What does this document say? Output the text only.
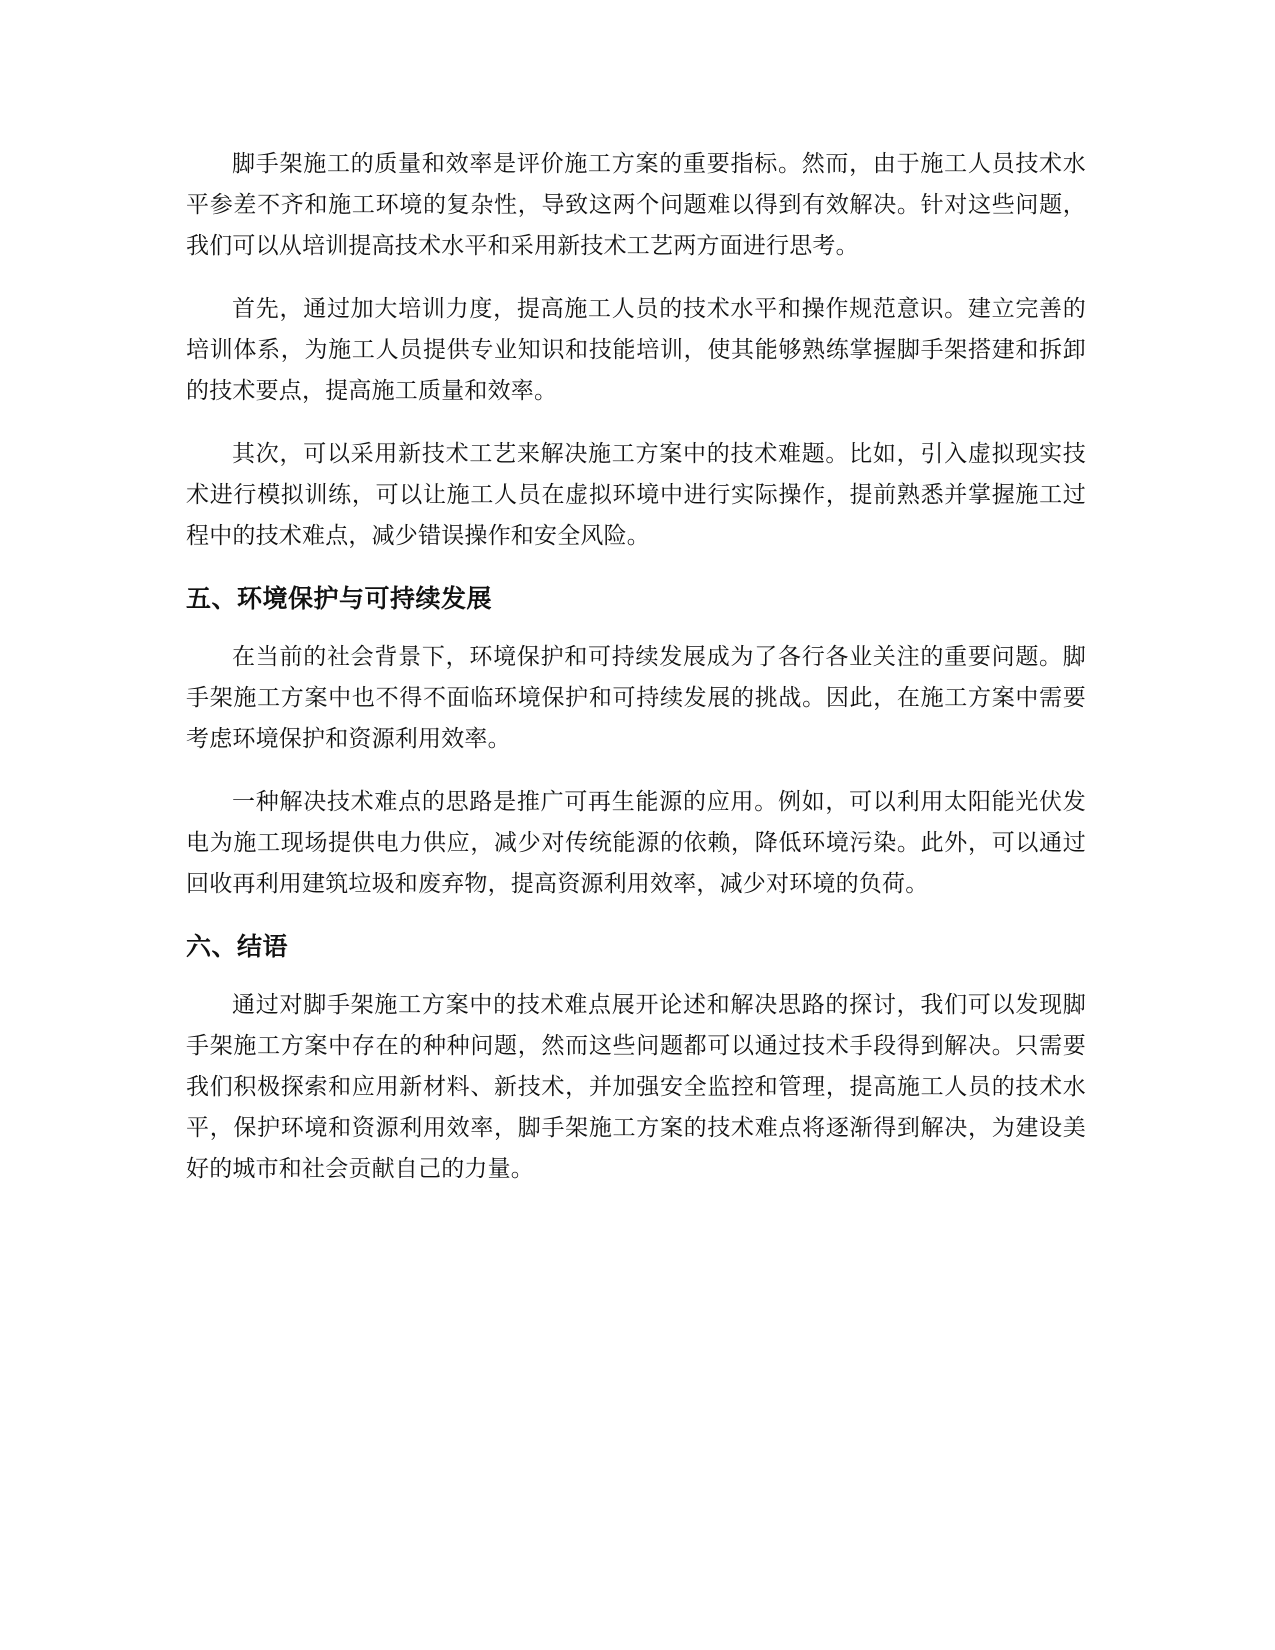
脚手架施工的质量和效率是评价施工方案的重要指标。然而，由于施工人员技术水平参差不齐和施工环境的复杂性，导致这两个问题难以得到有效解决。针对这些问题，我们可以从培训提高技术水平和采用新技术工艺两方面进行思考。

首先，通过加大培训力度，提高施工人员的技术水平和操作规范意识。建立完善的培训体系，为施工人员提供专业知识和技能培训，使其能够熟练掌握脚手架搭建和拆卸的技术要点，提高施工质量和效率。

其次，可以采用新技术工艺来解决施工方案中的技术难题。比如，引入虚拟现实技术进行模拟训练，可以让施工人员在虚拟环境中进行实际操作，提前熟悉并掌握施工过程中的技术难点，减少错误操作和安全风险。

五、环境保护与可持续发展

在当前的社会背景下，环境保护和可持续发展成为了各行各业关注的重要问题。脚手架施工方案中也不得不面临环境保护和可持续发展的挑战。因此，在施工方案中需要考虑环境保护和资源利用效率。

一种解决技术难点的思路是推广可再生能源的应用。例如，可以利用太阳能光伏发电为施工现场提供电力供应，减少对传统能源的依赖，降低环境污染。此外，可以通过回收再利用建筑垃圾和废弃物，提高资源利用效率，减少对环境的负荷。

六、结语

通过对脚手架施工方案中的技术难点展开论述和解决思路的探讨，我们可以发现脚手架施工方案中存在的种种问题，然而这些问题都可以通过技术手段得到解决。只需要我们积极探索和应用新材料、新技术，并加强安全监控和管理，提高施工人员的技术水平，保护环境和资源利用效率，脚手架施工方案的技术难点将逐渐得到解决，为建设美好的城市和社会贡献自己的力量。
